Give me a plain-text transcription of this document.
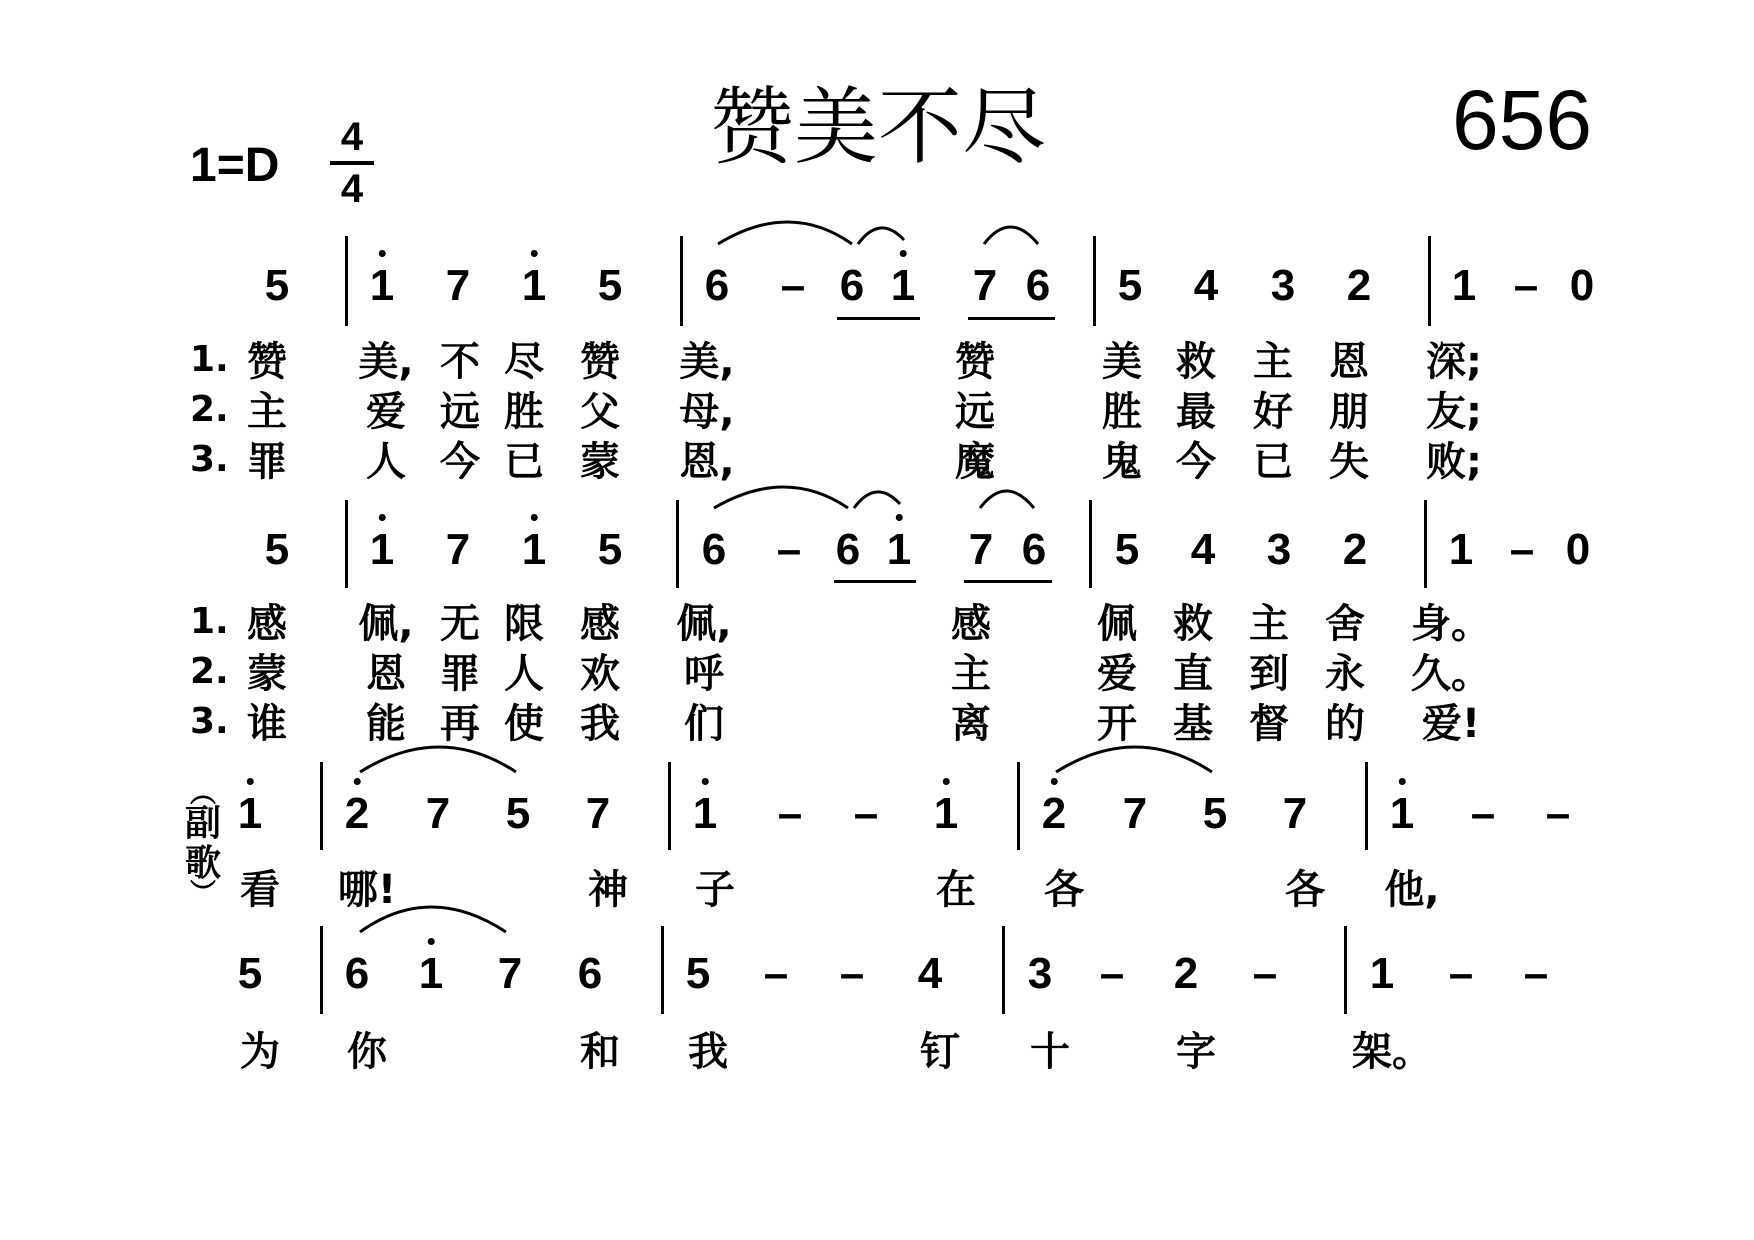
赞美不尽	656
1=D
4
4
5 1 7 1 5 6 – 6 1 7 6 5 4 3 2 1 – 0
1.
2.
3.
5 1 7 1 5 6 – 6 1 7 6 5 4 3 2 1 – 0
1.
2.
3.
︵
副歌
︶
1 2 7 5 7 1 – – 1 2 7 5 7 1 – –
5 6 1 7 6 5 – – 4 3 – 2 – 1 – –
赞 美, 不 尽 赞 美,	赞	美 救 主 恩 深;
感 佩, 无 限 感 佩,	感	佩 救 主 舍 身。
主 爱 远 胜 父 母,	远	胜 最 好 朋 友;
蒙 恩 罪 人 欢 呼	主	爱 直 到 永 久。
罪 人 今 已 蒙 恩,	魔	鬼 今 已 失 败;
谁 能 再 使 我 们	离	开 基 督 的 爱!
看 哪!	神 子	在 各	各 他,
为 你	和 我	钉 十	字	架。
